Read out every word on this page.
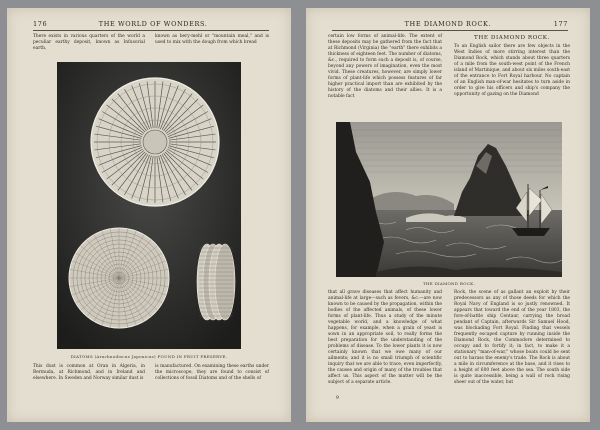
176	THE WORLD OF WONDERS.
There exists in various quarters of the world a peculiar earthy deposit, known as Infusorial earth,
known as bery-mehl or "mountain meal," and is used to mix with the dough from which bread
DIATOMS (Arachnodiscus Japonicus) FOUND IN FRUIT PRESERVE.
This dust is common at Oran in Algeria, in Bermuda, at Richmond, and in Ireland and elsewhere. In Sweden and Norway similar dust is
is manufactured. On examining these earths under the microscope, they are found to consist of collections of fossil Diatoms and of the shells of
THE DIAMOND ROCK.	177
certain low forms of animal-life. The extent of these deposits may be gathered from the fact that at Richmond (Virginia) the "earth" there exhibits a thickness of eighteen feet. The number of diatoms, &c., required to form such a deposit is, of course, beyond any powers of imagination, even the most vivid. These creatures, however, are simply lower forms of plant-life which possess features of far higher practical import than are exhibited by the history of the diatoms and their allies. It is a notable fact
THE DIAMOND ROCK.
To an English sailor there are few objects in the West Indies of more stirring interest than the Diamond Rock, which stands about three quarters of a mile from the south-west point of the French island of Martinique, and about six miles south-east of the entrance to Fort Royal harbour. No captain of an English man-of-war hesitates to turn aside in order to give his officers and ship's company the opportunity of gazing on the Diamond
THE DIAMOND ROCK.
that all grave diseases that affect humanity and animal-life at large—such as fevers, &c.—are now known to be caused by the propagation, within the bodies of the affected animals, of these lower forms of plant-life. Thus a study of the minute vegetable world, and a knowledge of what happens, for example, when a grain of yeast is sown in an appropriate soil, to really forms the best preparation for the understanding of the problems of disease. To the lower plants it is now certainly known that we owe many of our ailments; and it is no small triumph of scientific inquiry that we are able to trace, even imperfectly, the causes and origin of many of the troubles that affect us. This aspect of the matter will be the subject of a separate article.
Rock, the scene of as gallant an exploit by their predecessors as any of those deeds for which the Royal Navy of England is so justly renowned. It appears that toward the end of the year 1803, the fore-of-battle ship Centaur, carrying the broad pendant of Captain, afterwards Sir Samuel Hood, was blockading Fort Royal. Finding that vessels frequently escaped capture by running inside the Diamond Rock, the Commodore determined to occupy and to fortify it; in fact, to make it a stationary "man-of-war," whose boats could be sent out to harass the enemy's trade. The Rock is about a mile in circumference at the base, and it rises to a height of 600 feet above the sea. The south side is quite inaccessible, being a wall of rock rising sheer out of the water, but
9
